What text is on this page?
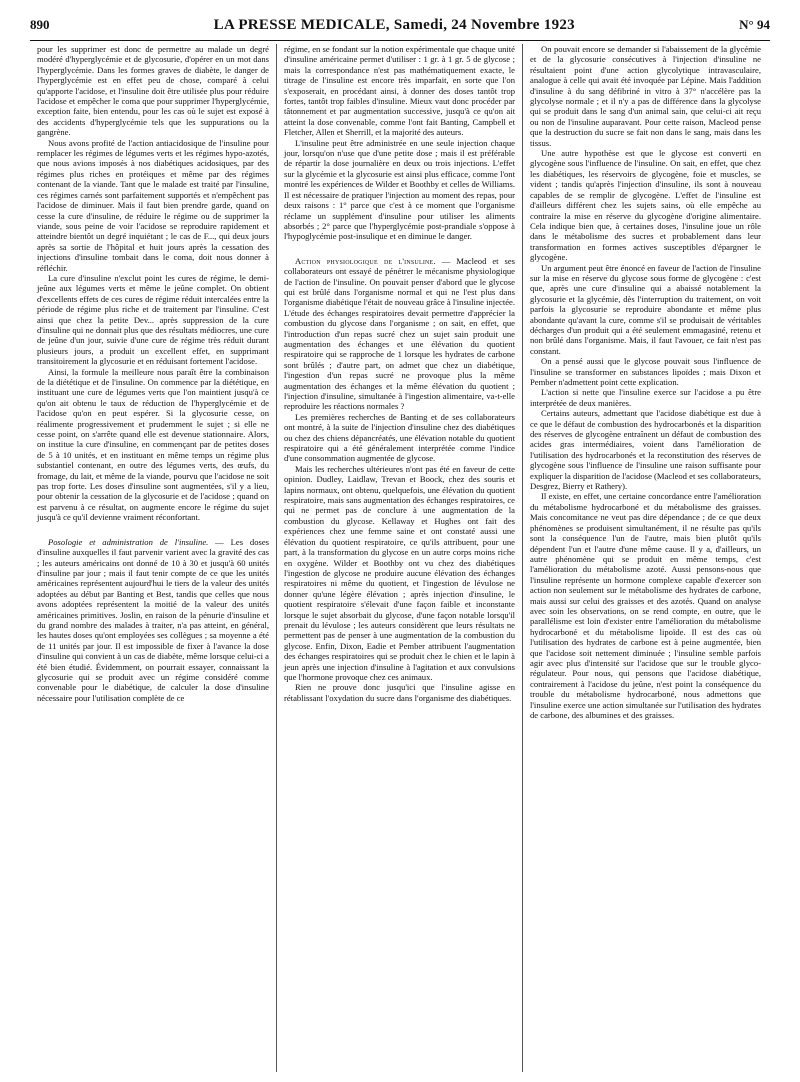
890	LA PRESSE MEDICALE, Samedi, 24 Novembre 1923	N° 94

pour les supprimer est donc de permettre au malade un degré modéré d'hyperglycémie et de glycosurie, d'opérer en un mot dans l'hyperglycémie. Dans les formes graves de diabète, le danger de l'hyperglycémie est en effet peu de chose, comparé à celui qu'apporte l'acidose, et l'insuline doit être utilisée plus pour réduire l'acidose et empêcher le coma que pour supprimer l'hyperglycémie, exception faite, bien entendu, pour les cas où le sujet est exposé à des accidents d'hyperglycémie tels que les suppurations ou la gangrène.

Nous avons profité de l'action antiacidosique de l'insuline pour remplacer les régimes de légumes verts et les régimes hypo-azotés, que nous avions imposés à nos diabétiques acidosiques, par des régimes plus riches en protéiques et même par des régimes contenant de la viande. Tant que le malade est traité par l'insuline, ces régimes carnés sont parfaitement supportés et n'empêchent pas l'acidose de diminuer. Mais il faut bien prendre garde, quand on cesse la cure d'insuline, de réduire le régime ou de supprimer la viande, sous peine de voir l'acidose se reproduire rapidement et atteindre bientôt un degré inquiétant ; le cas de F..., qui deux jours après sa sortie de l'hôpital et huit jours après la cessation des injections d'insuline tombait dans le coma, doit nous donner à réfléchir.

La cure d'insuline n'exclut point les cures de régime, le demi-jeûne aux légumes verts et même le jeûne complet. On obtient d'excellents effets de ces cures de régime réduit intercalées entre la période de régime plus riche et de traitement par l'insuline. C'est ainsi que chez la petite Dev... après suppression de la cure d'insuline qui ne donnait plus que des résultats médiocres, une cure de jeûne d'un jour, suivie d'une cure de régime très réduit durant plusieurs jours, a produit un excellent effet, en supprimant transitoirement la glycosurie et en réduisant fortement l'acidose.

Ainsi, la formule la meilleure nous paraît être la combinaison de la diététique et de l'insuline. On commence par la diététique, en instituant une cure de légumes verts que l'on maintient jusqu'à ce qu'on ait obtenu le taux de réduction de l'hyperglycémie et de l'acidose qu'on en peut espérer. Si la glycosurie cesse, on réalimente progressivement et prudemment le sujet ; si elle ne cesse point, on s'arrête quand elle est devenue stationnaire. Alors, on institue la cure d'insuline, en commençant par de petites doses de 5 à 10 unités, et en instituant en même temps un régime plus substantiel contenant, en outre des légumes verts, des œufs, du fromage, du lait, et même de la viande, pourvu que l'acidose ne soit pas trop forte. Les doses d'insuline sont augmentées, s'il y a lieu, pour obtenir la cessation de la glycosurie et de l'acidose ; quand on est parvenu à ce résultat, on augmente encore le régime du sujet jusqu'à ce qu'il devienne vraiment réconfortant.

Posologie et administration de l'insuline. — Les doses d'insuline auxquelles il faut parvenir varient avec la gravité des cas ; les auteurs américains ont donné de 10 à 30 et jusqu'à 60 unités d'insuline par jour ; mais il faut tenir compte de ce que les unités américaines représentent aujourd'hui le tiers de la valeur des unités adoptées au début par Banting et Best, tandis que celles que nous avons adoptées représentent la moitié de la valeur des unités américaines primitives. Joslin, en raison de la pénurie d'insuline et du grand nombre des malades à traiter, n'a pas atteint, en général, les hautes doses qu'ont employées ses collègues ; sa moyenne a été de 11 unités par jour. Il est impossible de fixer à l'avance la dose d'insuline qui convient à un cas de diabète, même lorsque celui-ci a été bien étudié. Évidemment, on pourrait essayer, connaissant la glycosurie qui se produit avec un régime considéré comme convenable pour le diabétique, de calculer la dose d'insuline nécessaire pour l'utilisation complète de ce

régime, en se fondant sur la notion expérimentale que chaque unité d'insuline américaine permet d'utiliser : 1 gr. à 1 gr. 5 de glycose ; mais la correspondance n'est pas mathématiquement exacte, le titrage de l'insuline est encore très imparfait, en sorte que l'on s'exposerait, en procédant ainsi, à donner des doses tantôt trop fortes, tantôt trop faibles d'insuline. Mieux vaut donc procéder par tâtonnement et par augmentation successive, jusqu'à ce qu'on ait atteint la dose convenable, comme l'ont fait Banting, Campbell et Fletcher, Allen et Sherrill, et la majorité des auteurs.

L'insuline peut être administrée en une seule injection chaque jour, lorsqu'on n'use que d'une petite dose ; mais il est préférable de répartir la dose journalière en deux ou trois injections. L'effet sur la glycémie et la glycosurie est ainsi plus efficace, comme l'ont montré les expériences de Wilder et Boothby et celles de Williams. Il est nécessaire de pratiquer l'injection au moment des repas, pour deux raisons : 1° parce que c'est à ce moment que l'organisme réclame un supplément d'insuline pour utiliser les aliments absorbés ; 2° parce que l'hyperglycémie post-prandiale s'oppose à l'hypoglycémie post-insulique et en diminue le danger.

Action physiologique de l'insuline. — Macleod et ses collaborateurs ont essayé de pénétrer le mécanisme physiologique de l'action de l'insuline. On pouvait penser d'abord que le glycose qui est brûlé dans l'organisme normal et qui ne l'est plus dans l'organisme diabétique l'était de nouveau grâce à l'insuline injectée. L'étude des échanges respiratoires devait permettre d'apprécier la combustion du glycose dans l'organisme ; on sait, en effet, que l'introduction d'un repas sucré chez un sujet sain produit une augmentation des échanges et une élévation du quotient respiratoire qui se rapproche de 1 lorsque les hydrates de carbone sont brûlés ; d'autre part, on admet que chez un diabétique, l'ingestion d'un repas sucré ne provoque plus la même augmentation des échanges et la même élévation du quotient ; l'injection d'insuline, simultanée à l'ingestion alimentaire, va-t-elle reproduire les réactions normales ?

Les premières recherches de Banting et de ses collaborateurs ont montré, à la suite de l'injection d'insuline chez des diabétiques ou chez des chiens dépancréatés, une élévation notable du quotient respiratoire qui a été généralement interprétée comme l'indice d'une consommation augmentée de glycose.

Mais les recherches ultérieures n'ont pas été en faveur de cette opinion. Dudley, Laidlaw, Trevan et Boock, chez des souris et lapins normaux, ont obtenu, quelquefois, une élévation du quotient respiratoire, mais sans augmentation des échanges respiratoires, ce qui ne permet pas de conclure à une augmentation de la combustion du glycose. Kellaway et Hughes ont fait des expériences chez une femme saine et ont constaté aussi une élévation du quotient respiratoire, ce qu'ils attribuent, pour une part, à la transformation du glycose en un autre corps moins riche en oxygène. Wilder et Boothby ont vu chez des diabétiques l'ingestion de glycose ne produire aucune élévation des échanges respiratoires ni même du quotient, et l'ingestion de lévulose ne donner qu'une légère élévation ; après injection d'insuline, le quotient respiratoire s'élevait d'une façon faible et inconstante lorsque le sujet absorbait du glycose, d'une façon notable lorsqu'il prenait du lévulose ; les auteurs considèrent que leurs résultats ne permettent pas de penser à une augmentation de la combustion du glycose. Enfin, Dixon, Eadie et Pember attribuent l'augmentation des échanges respiratoires qui se produit chez le chien et le lapin à jeun après une injection d'insuline à l'agitation et aux convulsions que l'hormone provoque chez ces animaux.

Rien ne prouve donc jusqu'ici que l'insuline agisse en rétablissant l'oxydation du sucre dans l'organisme des diabétiques.

On pouvait encore se demander si l'abaissement de la glycémie et de la glycosurie consécutives à l'injection d'insuline ne résultaient point d'une action glycolytique intravasculaire, analogue à celle qui avait été invoquée par Lépine. Mais l'addition d'insuline à du sang défibriné in vitro à 37° n'accélère pas la glycolyse normale ; et il n'y a pas de différence dans la glycolyse qui se produit dans le sang d'un animal sain, que celui-ci ait reçu ou non de l'insuline auparavant. Pour cette raison, Macleod pense que la destruction du sucre se fait non dans le sang, mais dans les tissus.

Une autre hypothèse est que le glycose est converti en glycogène sous l'influence de l'insuline. On sait, en effet, que chez les diabétiques, les réservoirs de glycogène, foie et muscles, se vident ; tandis qu'après l'injection d'insuline, ils sont à nouveau capables de se remplir de glycogène. L'effet de l'insuline est d'ailleurs différent chez les sujets sains, où elle empêche au contraire la mise en réserve du glycogène d'origine alimentaire. Cela indique bien que, à certaines doses, l'insuline joue un rôle dans le métabolisme des sucres et probablement dans leur transformation en formes actives susceptibles d'épargner le glycogène.

Un argument peut être énoncé en faveur de l'action de l'insuline sur la mise en réserve du glycose sous forme de glycogène : c'est que, après une cure d'insuline qui a abaissé notablement la glycosurie et la glycémie, dès l'interruption du traitement, on voit parfois la glycosurie se reproduire abondante et même plus abondante qu'avant la cure, comme s'il se produisait de véritables décharges d'un produit qui a été seulement emmagasiné, retenu et non brûlé dans l'organisme. Mais, il faut l'avouer, ce fait n'est pas constant.

On a pensé aussi que le glycose pouvait sous l'influence de l'insuline se transformer en substances lipoïdes ; mais Dixon et Pember n'admettent point cette explication.

L'action si nette que l'insuline exerce sur l'acidose a pu être interprétée de deux manières.

Certains auteurs, admettant que l'acidose diabétique est due à ce que le défaut de combustion des hydrocarbonés et la disparition des réserves de glycogène entraînent un défaut de combustion des acides gras intermédiaires, voient dans l'amélioration de l'utilisation des hydrocarbonés et la reconstitution des réserves de glycogène sous l'influence de l'insuline une raison suffisante pour expliquer la disparition de l'acidose (Macleod et ses collaborateurs, Desgrez, Bierry et Rathery).

Il existe, en effet, une certaine concordance entre l'amélioration du métabolisme hydrocarboné et du métabolisme des graisses. Mais concomitance ne veut pas dire dépendance ; de ce que deux phénomènes se produisent simultanément, il ne résulte pas qu'ils sont la conséquence l'un de l'autre, mais bien plutôt qu'ils dépendent l'un et l'autre d'une même cause. Il y a, d'ailleurs, un autre phénomène qui se produit en même temps, c'est l'amélioration du métabolisme azoté. Aussi pensons-nous que l'insuline représente un hormone complexe capable d'exercer son action non seulement sur le métabolisme des hydrates de carbone, mais aussi sur celui des graisses et des azotés. Quand on analyse avec soin les observations, on se rend compte, en outre, que le parallélisme est loin d'exister entre l'amélioration du métabolisme hydrocarboné et du métabolisme lipoïde. Il est des cas où l'utilisation des hydrates de carbone est à peine augmentée, bien que l'acidose soit nettement diminuée ; l'insuline semble parfois agir avec plus d'intensité sur l'acidose que sur le trouble glyco-régulateur. Pour nous, qui pensons que l'acidose diabétique, contrairement à l'acidose du jeûne, n'est point la conséquence du trouble du métabolisme hydrocarboné, nous admettons que l'insuline exerce une action simultanée sur l'utilisation des hydrates de carbone, des albumines et des graisses.
